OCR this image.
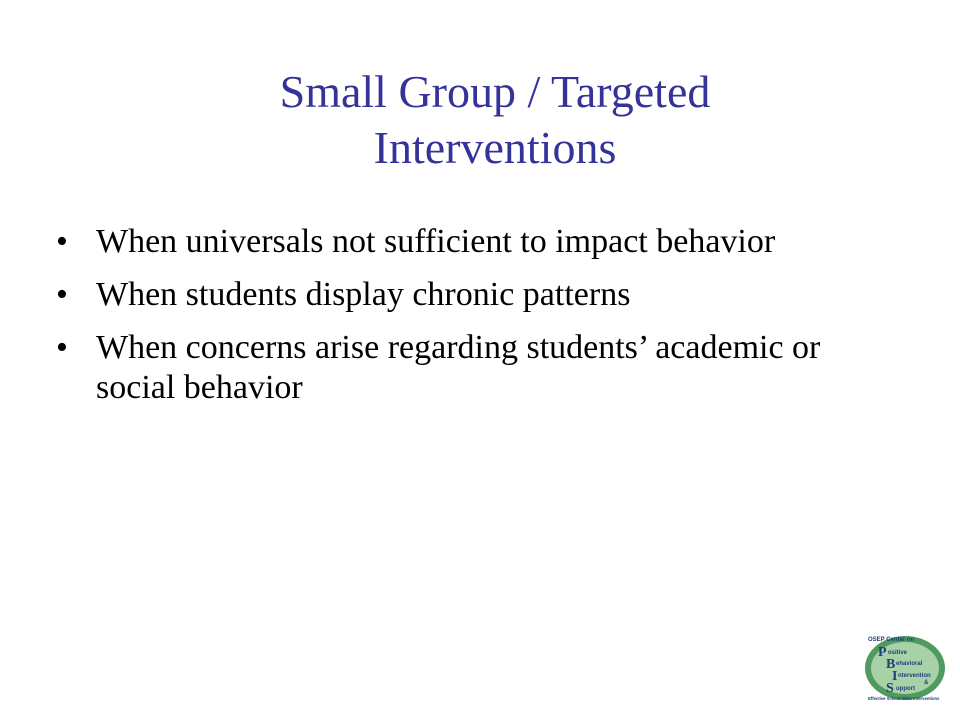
Small Group / Targeted
Interventions
• When universals not sufficient to impact behavior
• When students display chronic patterns
• When concerns arise regarding students’ academic or social behavior
OSEP Center on
P ositive
B ehavioral
I ntervention
&
S upport
Effective School-Wide Interventions
